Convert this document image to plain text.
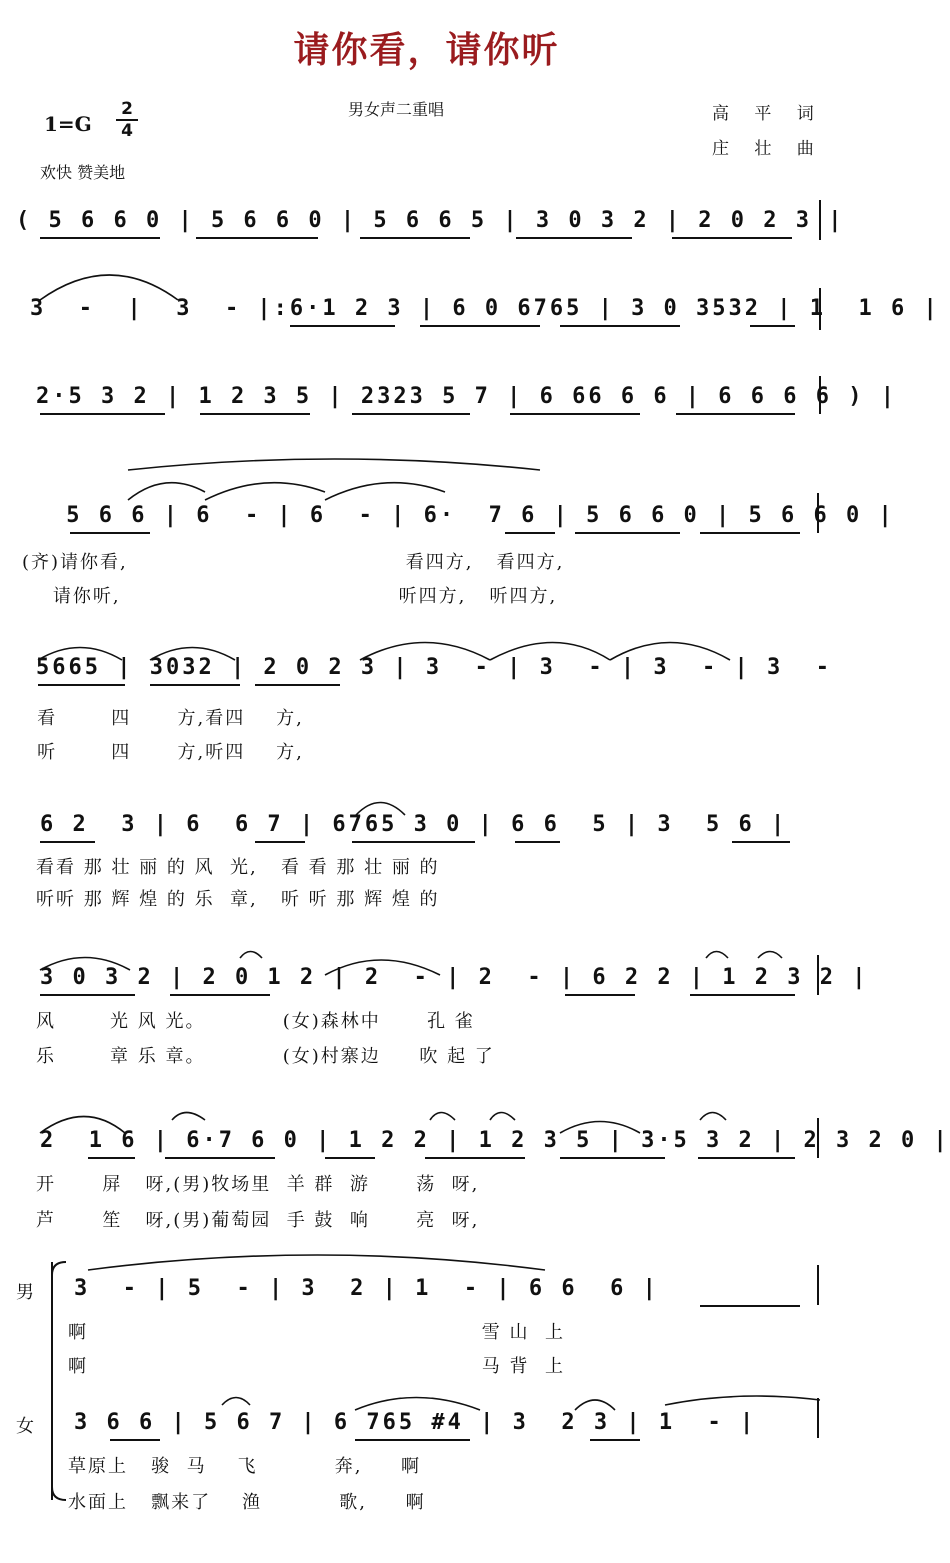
请你看，请你听
1=G
2
4
欢快 赞美地
男女声二重唱	高 平 词
庄 壮 曲
( 5 6 6 0 | 5 6 6 0 | 5 6 6 5 | 3 0 3 2 | 2 0 2 3 |
3  -  |  3  - |:6·1 2 3 | 6 0 6765 | 3 0 3532 | 1  1 6 |
2·5 3 2 | 1 2 3 5 | 2323 5 7 | 6 66 6 6 | 6 6 6 6 ) |
5 6 6 | 6  - | 6  - | 6·  7 6 | 5 6 6 0 | 5 6 6 0 |
(齐)请你看,                                    看四方,   看四方,
请你听,                                    听四方,   听四方,
5665 | 3032 | 2 0 2 3 | 3  - | 3  - | 3  - | 3  -
看       四      方,看四    方,
听       四      方,听四    方,
6 2  3 | 6  6 7 | 6765 3 0 | 6 6  5 | 3  5 6 |
看看 那 壮 丽 的 风  光,   看 看 那 壮 丽 的
听听 那 辉 煌 的 乐  章,   听 听 那 辉 煌 的
3 0 3 2 | 2 0 1 2 | 2  - | 2  - | 6 2 2 | 1 2 3 2 |
风       光 风 光。          (女)森林中      孔 雀
乐       章 乐 章。          (女)村寨边     吹 起 了
2  1 6 | 6·7 6 0 | 1 2 2 | 1 2 3 5 | 3·5 3 2 | 2 3 2 0 |
开      屏   呀,(男)牧场里  羊 群  游      荡  呀,
芦      笙   呀,(男)葡萄园  手 鼓  响      亮  呀,
男	3  - | 5  - | 3  2 | 1  - | 6 6  6 |
啊                                                   雪 山  上
啊                                                   马 背  上
女	3 6 6 | 5 6 7 | 6 765 #4 | 3  2 3 | 1  - |
草原上   骏  马    飞          奔,     啊
水面上   飘来了    渔          歌,     啊
